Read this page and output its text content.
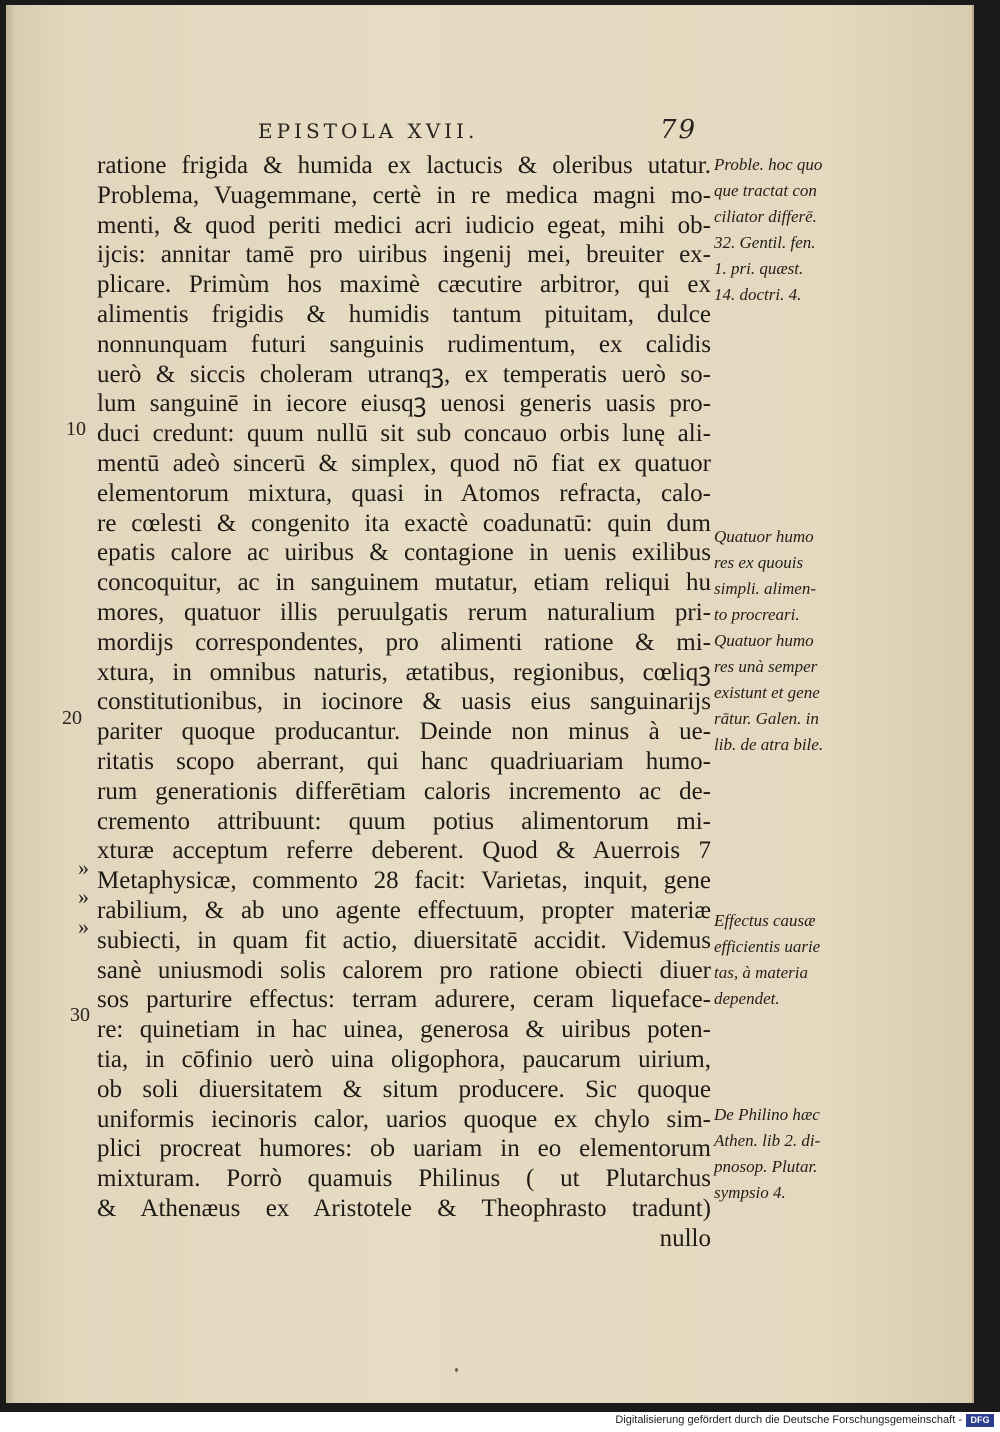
EPISTOLA XVII.	79
ratione frigida & humida ex lactucis & oleribus utatur.
Problema, Vuagemmane, certè in re medica magni mo-
menti, & quod periti medici acri iudicio egeat, mihi ob-
ijcis: annitar tamē pro uiribus ingenij mei, breuiter ex-
plicare. Primùm hos maximè cæcutire arbitror, qui ex
alimentis frigidis & humidis tantum pituitam, dulce
nonnunquam futuri sanguinis rudimentum, ex calidis
uerò & siccis choleram utranqꝫ, ex temperatis uerò so-
lum sanguinē in iecore eiusqꝫ uenosi generis uasis pro-
duci credunt: quum nullū sit sub concauo orbis lunę ali-
mentū adeò sincerū & simplex, quod nō fiat ex quatuor
elementorum mixtura, quasi in Atomos refracta, calo-
re cœlesti & congenito ita exactè coadunatū: quin dum
epatis calore ac uiribus & contagione in uenis exilibus
concoquitur, ac in sanguinem mutatur, etiam reliqui hu
mores, quatuor illis peruulgatis rerum naturalium pri-
mordijs correspondentes, pro alimenti ratione & mi-
xtura, in omnibus naturis, ætatibus, regionibus, cœliqꝫ
constitutionibus, in iocinore & uasis eius sanguinarijs
pariter quoque producantur. Deinde non minus à ue-
ritatis scopo aberrant, qui hanc quadriuariam humo-
rum generationis differētiam caloris incremento ac de-
cremento attribuunt: quum potius alimentorum mi-
xturæ acceptum referre deberent. Quod & Auerrois 7
Metaphysicæ, commento 28 facit: Varietas, inquit, gene
rabilium, & ab uno agente effectuum, propter materiæ
subiecti, in quam fit actio, diuersitatē accidit. Videmus
sanè uniusmodi solis calorem pro ratione obiecti diuer
sos parturire effectus: terram adurere, ceram liqueface-
re: quinetiam in hac uinea, generosa & uiribus poten-
tia, in cōfinio uerò uina oligophora, paucarum uirium,
ob soli diuersitatem & situm producere. Sic quoque
uniformis iecinoris calor, uarios quoque ex chylo sim-
plici procreat humores: ob uariam in eo elementorum
mixturam. Porrò quamuis Philinus ( ut Plutarchus
& Athenæus ex Aristotele & Theophrasto tradunt)
nullo
10
20
30
»
»
»
Proble. hoc quo
que tractat con
ciliator differē.
32. Gentil. fen.
1. pri. quæst.
14. doctri. 4.
Quatuor humo
res ex quouis
simpli. alimen-
to procreari.
Quatuor humo
res unà semper
existunt et gene
rātur. Galen. in
lib. de atra bile.
Effectus causæ
efficientis uarie
tas, à materia
dependet.
De Philino hæc
Athen. lib 2. di-
pnosop. Plutar.
sympsio 4.
Digitalisierung gefördert durch die Deutsche Forschungsgemeinschaft - DFG
